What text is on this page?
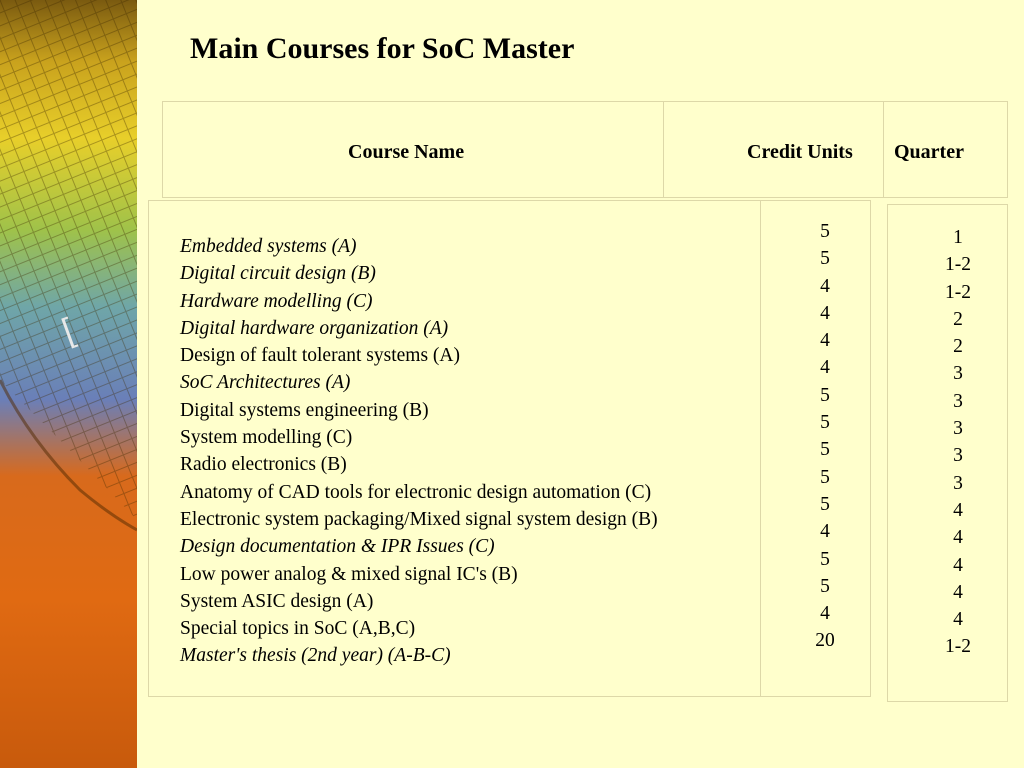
[
Main Courses for SoC Master
Course Name	Credit Units Quarter
Embedded systems (A)
Digital circuit design (B)
Hardware modelling (C)
Digital hardware organization (A)
Design of fault tolerant systems (A)
SoC Architectures (A)
Digital systems engineering (B)
System modelling (C)
Radio electronics (B)
Anatomy of CAD tools for electronic design automation (C)
Electronic system packaging/Mixed signal system design (B)
Design documentation & IPR Issues (C)
Low power analog & mixed signal IC's (B)
System ASIC design (A)
Special topics in SoC (A,B,C)
Master's thesis (2nd year) (A-B-C)
5
5
4
4
4
4
5
5
5
5
5
4
5
5
4
20
1
1-2
1-2
2
2
3
3
3
3
3
4
4
4
4
4
1-2
